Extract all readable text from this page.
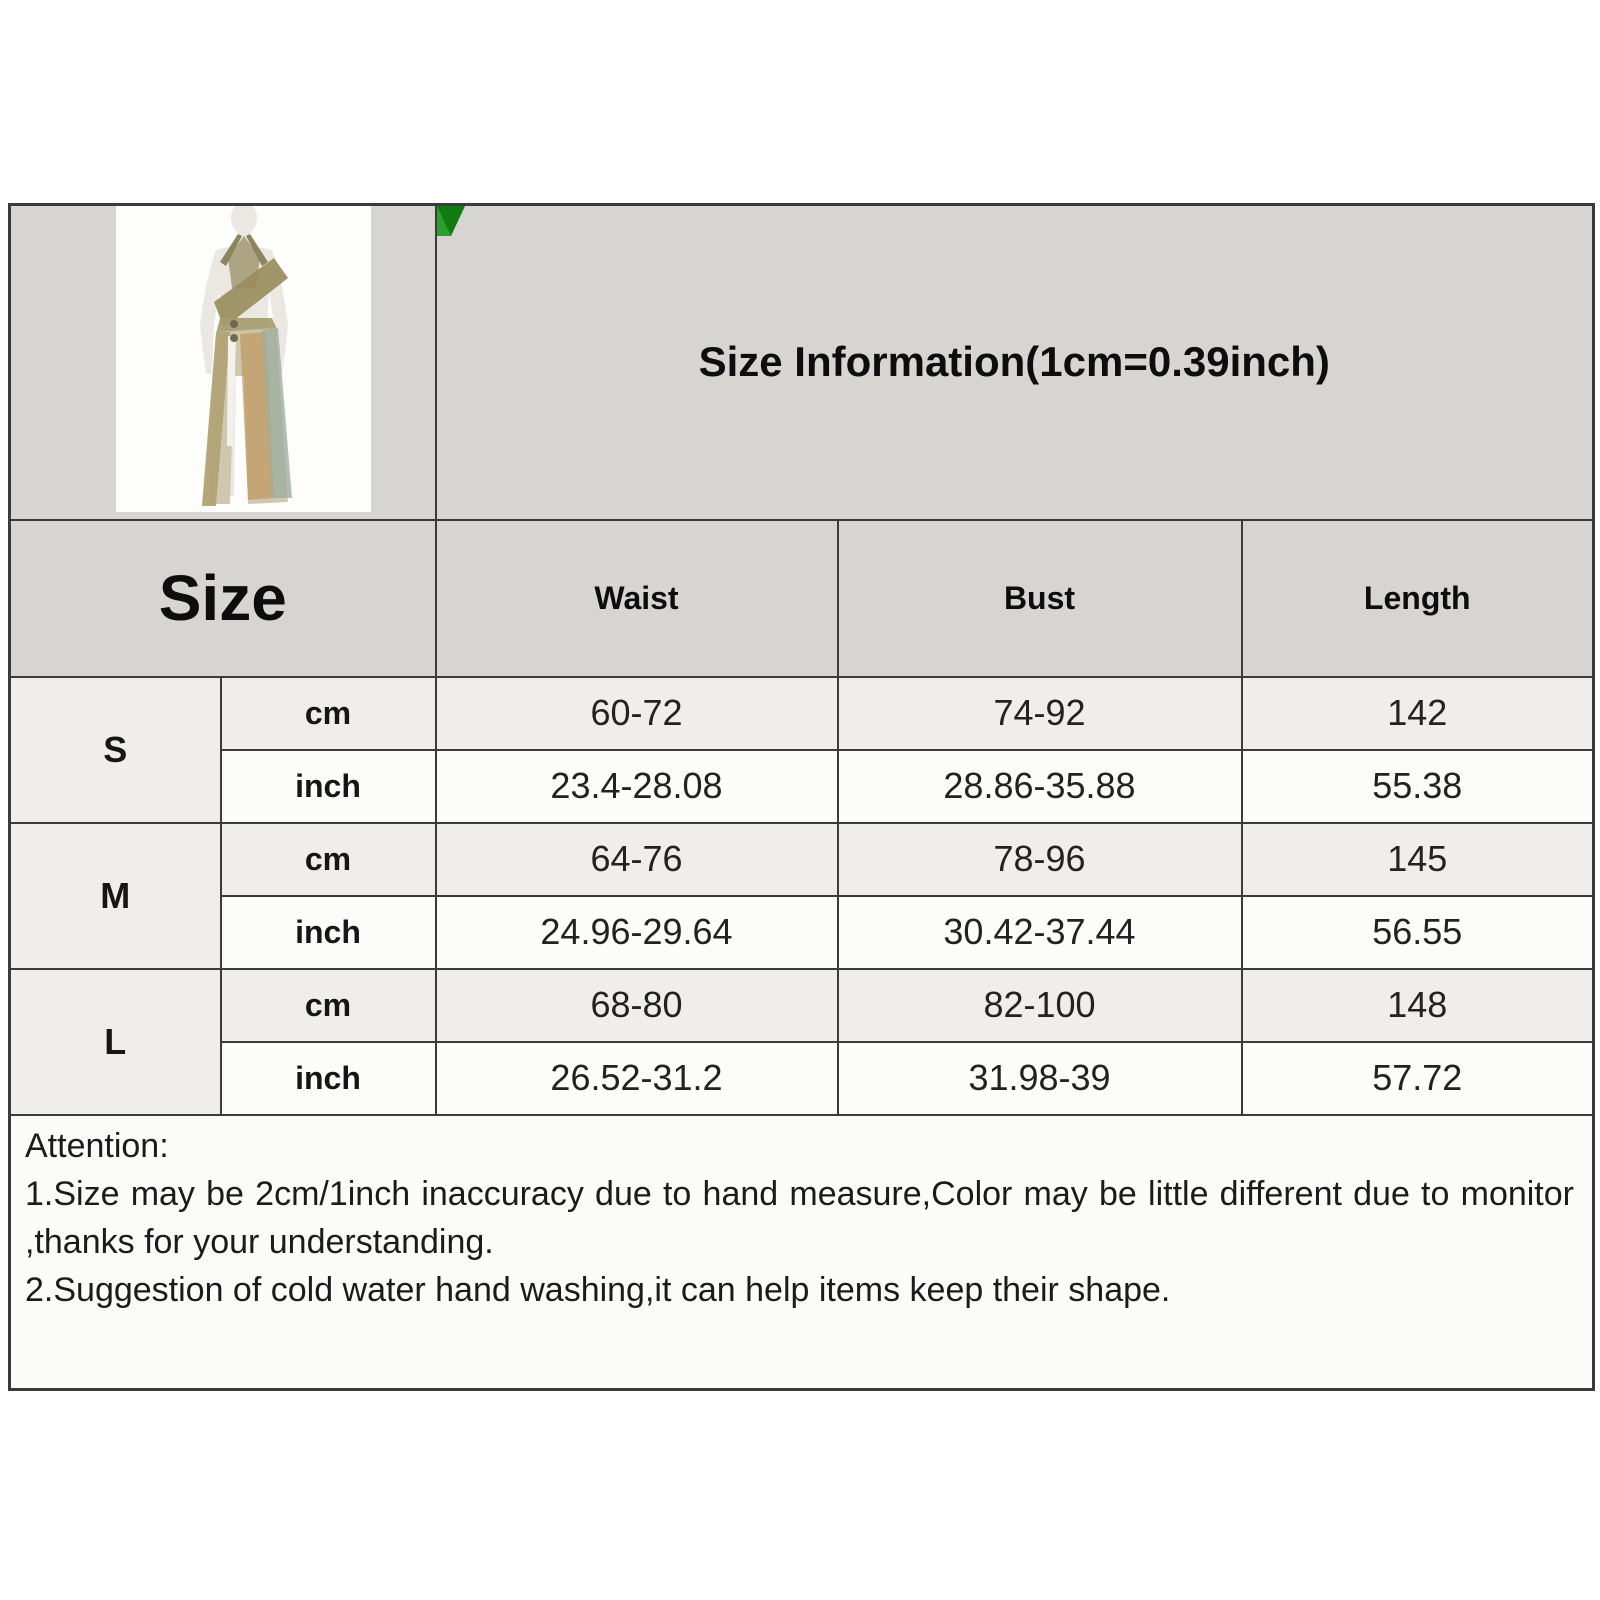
Size Information(1cm=0.39inch)		
Size		Waist	Bust	Length
S	cm	60-72	74-92	142
	inch	23.4-28.08	28.86-35.88	55.38
M	cm	64-76	78-96	145
	inch	24.96-29.64	30.42-37.44	56.55
L	cm	68-80	82-100	148
	inch	26.52-31.2	31.98-39	57.72

Attention:
1.Size may be 2cm/1inch inaccuracy due to hand measure,Color may be little different due to monitor
,thanks for your understanding.
2.Suggestion of cold water hand washing,it can help items keep their shape.				
